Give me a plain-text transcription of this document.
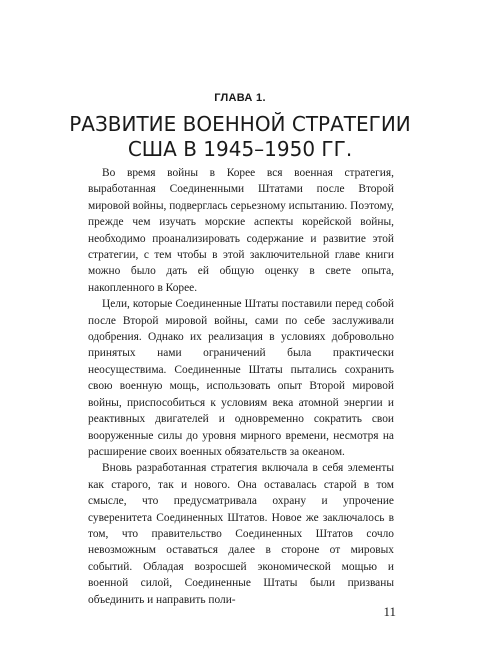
ГЛАВА 1.
РАЗВИТИЕ ВОЕННОЙ СТРАТЕГИИ
США В 1945–1950 ГГ.

Во время войны в Корее вся военная стратегия, выработанная Соединенными Штатами после Второй мировой войны, подверглась серьезному испытанию. Поэтому, прежде чем изучать морские аспекты корейской войны, необходимо проанализировать содержание и развитие этой стратегии, с тем чтобы в этой заключительной главе книги можно было дать ей общую оценку в свете опыта, накопленного в Корее.

Цели, которые Соединенные Штаты поставили перед собой после Второй мировой войны, сами по себе заслуживали одобрения. Однако их реализация в условиях добровольно принятых нами ограничений была практически неосуществима. Соединенные Штаты пытались сохранить свою военную мощь, использовать опыт Второй мировой войны, приспособиться к условиям века атомной энергии и реактивных двигателей и одновременно сократить свои вооруженные силы до уровня мирного времени, несмотря на расширение своих военных обязательств за океаном.

Вновь разработанная стратегия включала в себя элементы как старого, так и нового. Она оставалась старой в том смысле, что предусматривала охрану и упрочение суверенитета Соединенных Штатов. Новое же заключалось в том, что правительство Соединенных Штатов сочло невозможным оставаться далее в стороне от мировых событий. Обладая возросшей экономической мощью и военной силой, Соединенные Штаты были призваны объединить и направить поли-

11
